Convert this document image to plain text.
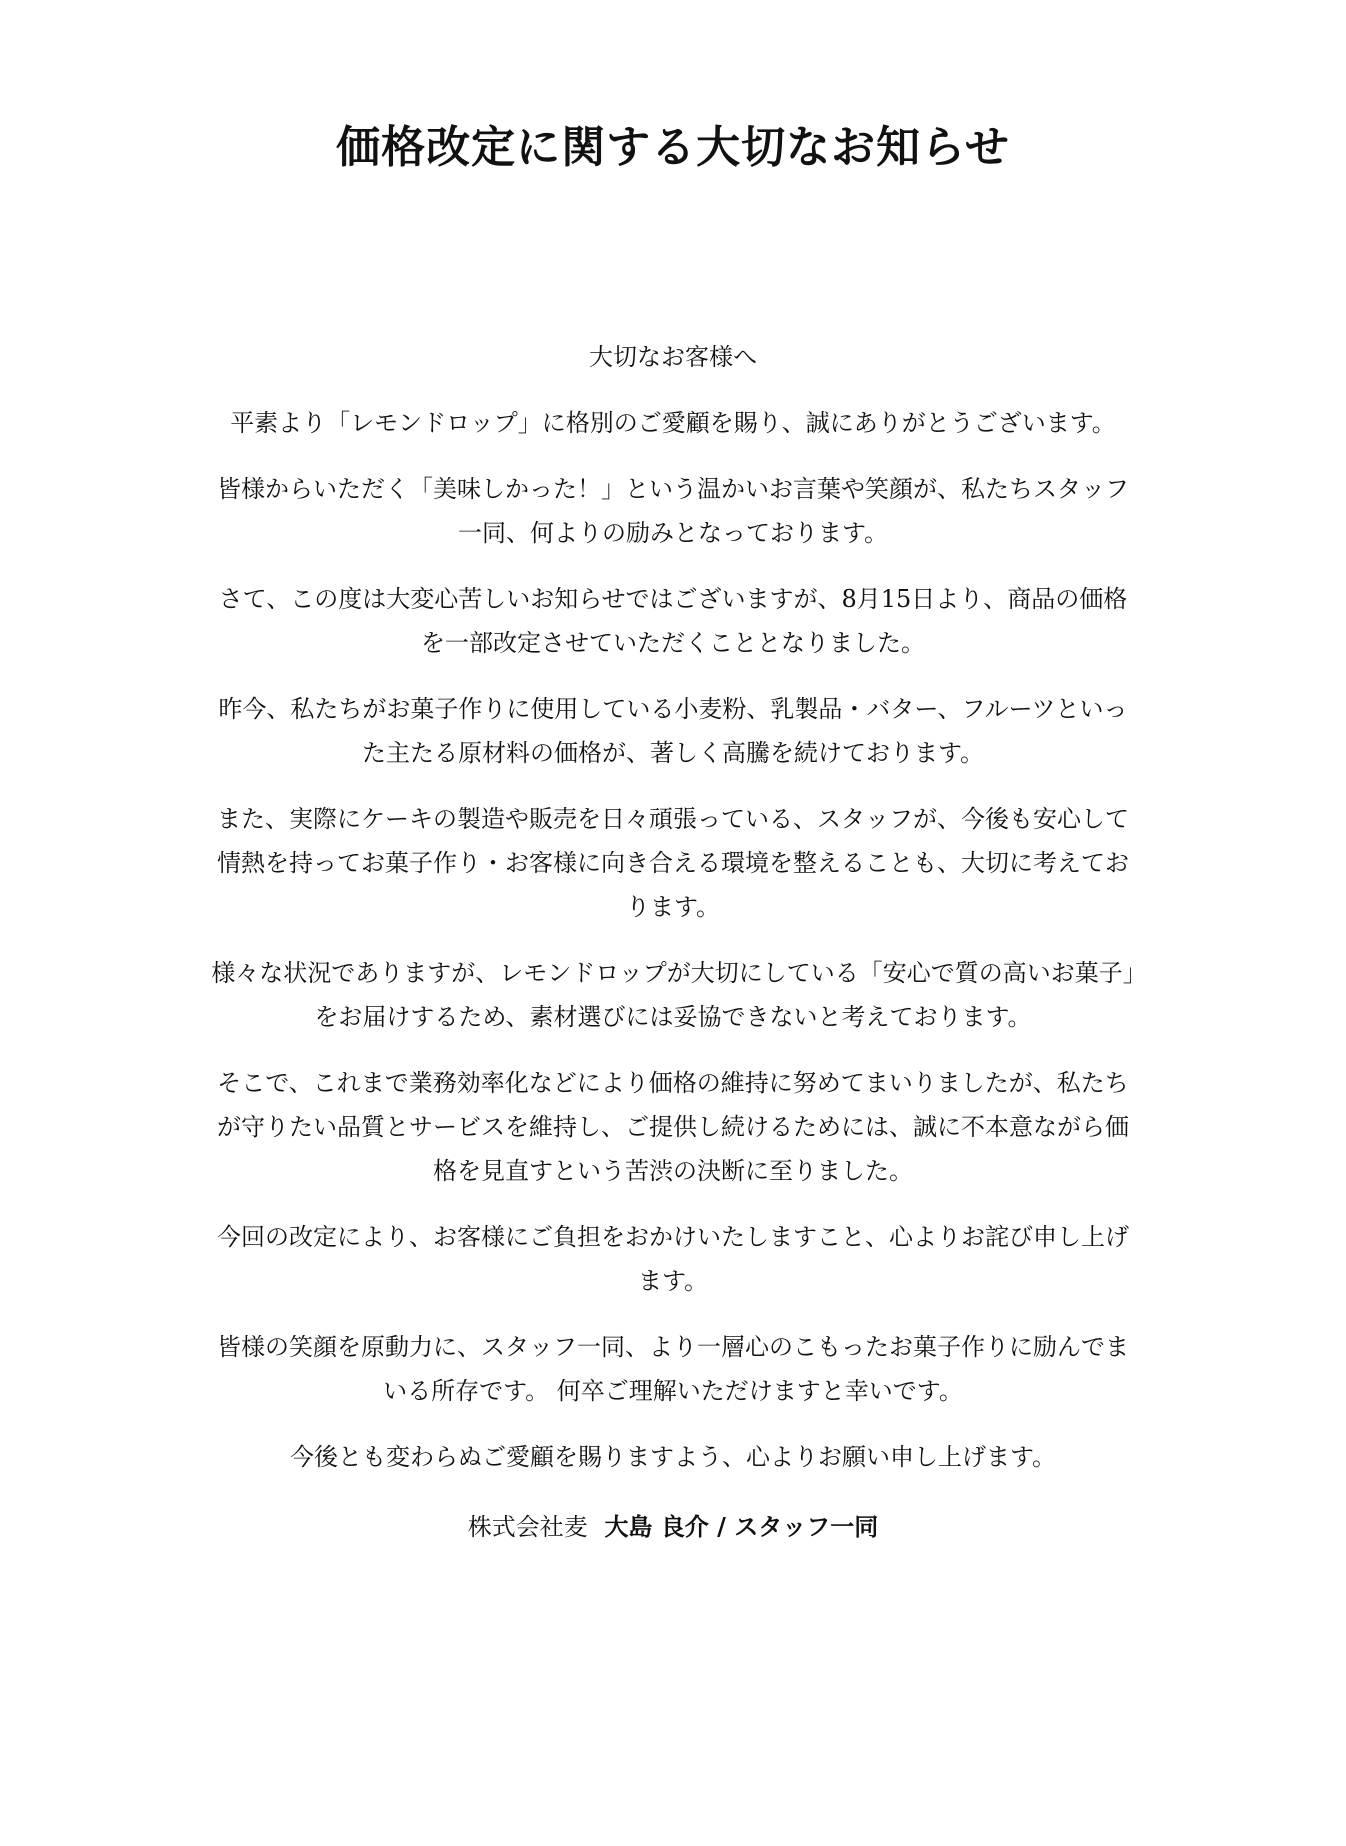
価格改定に関する大切なお知らせ

大切なお客様へ

平素より「レモンドロップ」に格別のご愛顧を賜り、誠にありがとうございます。

皆様からいただく「美味しかった！」という温かいお言葉や笑顔が、私たちスタッフ一同、何よりの励みとなっております。

さて、この度は大変心苦しいお知らせではございますが、8月15日より、商品の価格を一部改定させていただくこととなりました。

昨今、私たちがお菓子作りに使用している小麦粉、乳製品・バター、フルーツといった主たる原材料の価格が、著しく高騰を続けております。

また、実際にケーキの製造や販売を日々頑張っている、スタッフが、今後も安心して情熱を持ってお菓子作り・お客様に向き合える環境を整えることも、大切に考えております。

様々な状況でありますが、レモンドロップが大切にしている「安心で質の高いお菓子」をお届けするため、素材選びには妥協できないと考えております。

そこで、これまで業務効率化などにより価格の維持に努めてまいりましたが、私たちが守りたい品質とサービスを維持し、ご提供し続けるためには、誠に不本意ながら価格を見直すという苦渋の決断に至りました。

今回の改定により、お客様にご負担をおかけいたしますこと、心よりお詫び申し上げます。

皆様の笑顔を原動力に、スタッフ一同、より一層心のこもったお菓子作りに励んでまいる所存です。 何卒ご理解いただけますと幸いです。

今後とも変わらぬご愛顧を賜りますよう、心よりお願い申し上げます。

株式会社麦 大島 良介 / スタッフ一同
